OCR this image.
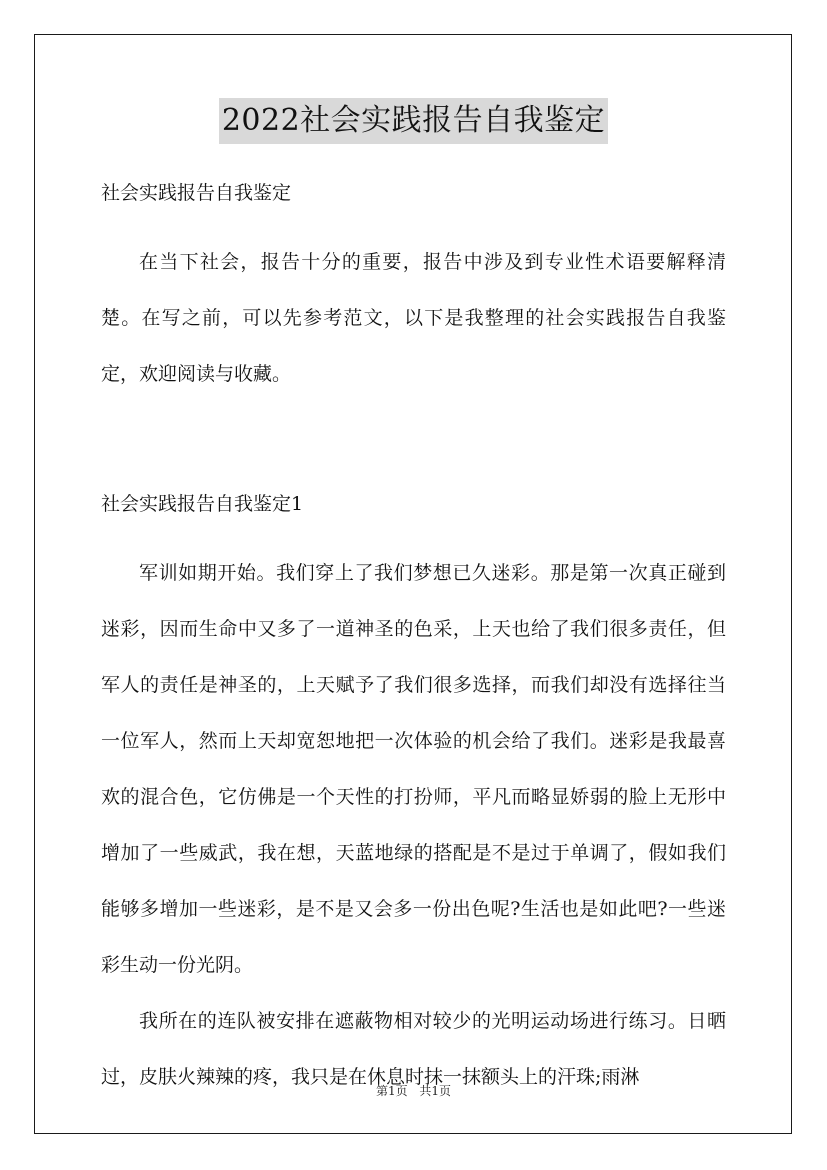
2022社会实践报告自我鉴定

社会实践报告自我鉴定

在当下社会，报告十分的重要，报告中涉及到专业性术语要解释清楚。在写之前，可以先参考范文，以下是我整理的社会实践报告自我鉴定，欢迎阅读与收藏。

社会实践报告自我鉴定1

军训如期开始。我们穿上了我们梦想已久迷彩。那是第一次真正碰到迷彩，因而生命中又多了一道神圣的色采，上天也给了我们很多责任，但军人的责任是神圣的，上天赋予了我们很多选择，而我们却没有选择往当一位军人，然而上天却宽恕地把一次体验的机会给了我们。迷彩是我最喜欢的混合色，它仿佛是一个天性的打扮师，平凡而略显娇弱的脸上无形中增加了一些威武，我在想，天蓝地绿的搭配是不是过于单调了，假如我们能够多增加一些迷彩，是不是又会多一份出色呢?生活也是如此吧?一些迷彩生动一份光阴。

我所在的连队被安排在遮蔽物相对较少的光明运动场进行练习。日晒过，皮肤火辣辣的疼，我只是在休息时抹一抹额头上的汗珠;雨淋

第1页 共1页
